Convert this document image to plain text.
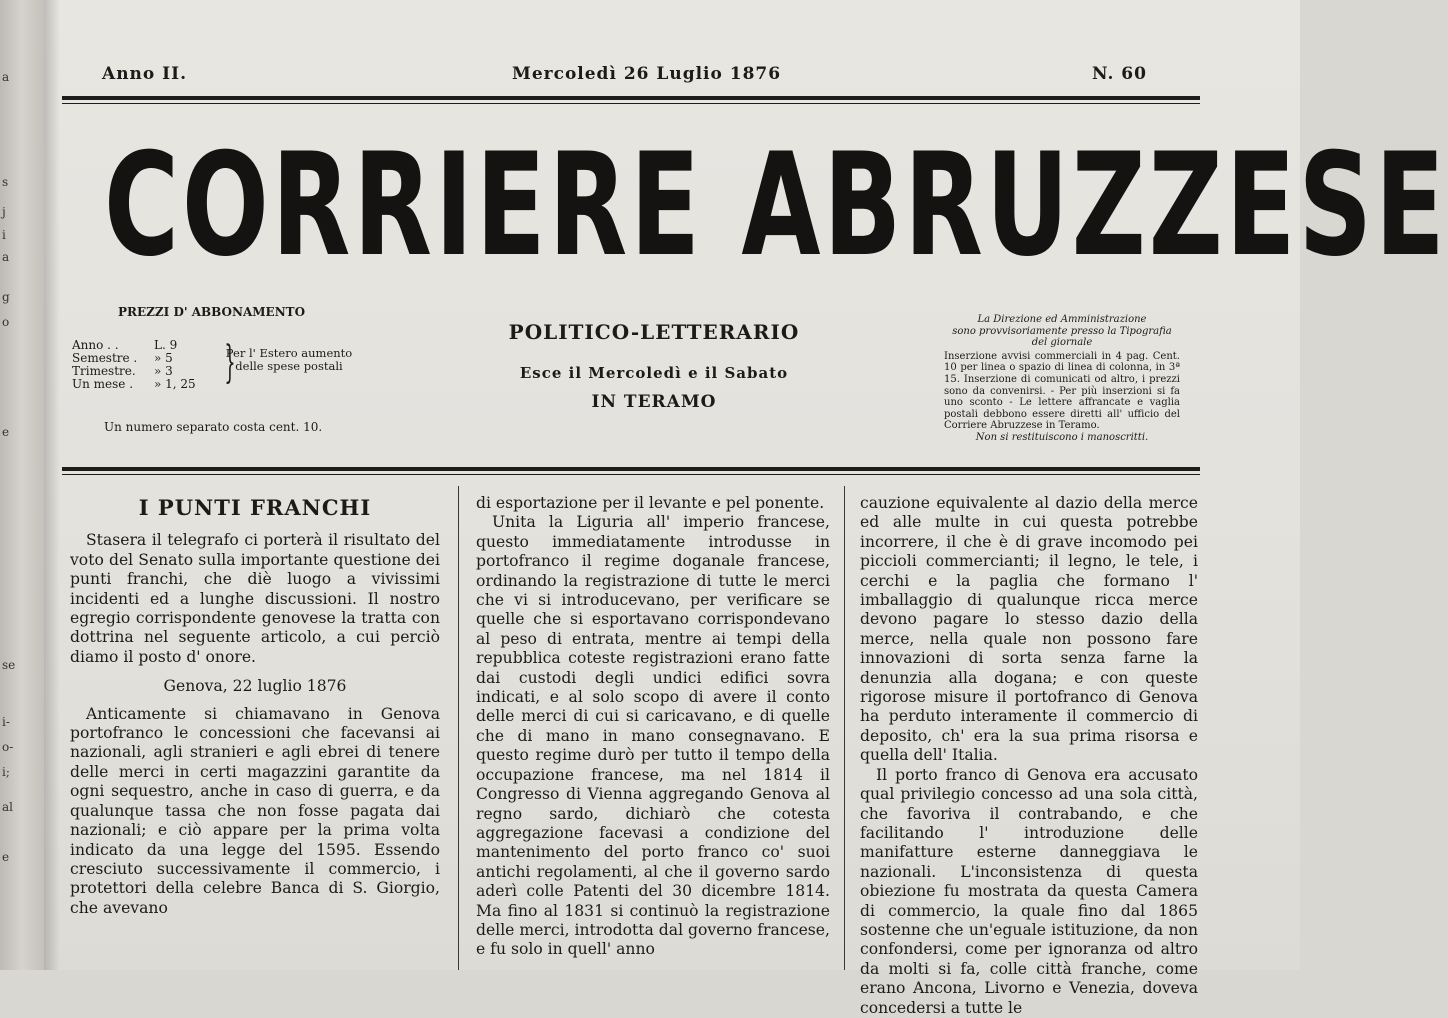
a
s
j
i
a
g
o
e
se
i-
o-
i;
al
e
Anno II.	Mercoledì 26 Luglio 1876	N. 60
CORRIERE ABRUZZESE
PREZZI D' ABBONAMENTO
Anno . .	L. 9
Semestre .	» 5
Trimestre.	» 3
Un mese .	» 1, 25 }
Per l' Estero aumento delle spese postali
Un numero separato costa cent. 10.

POLITICO-LETTERARIO

Esce il Mercoledì e il Sabato

IN TERAMO

La Direzione ed Amministrazione
sono provvisoriamente presso la Tipografia
del giornale
Inserzione avvisi commerciali in 4 pag. Cent. 10 per linea o spazio di linea di colonna, in 3ª 15. Inserzione di comunicati od altro, i prezzi sono da convenirsi. - Per più inserzioni si fa uno sconto - Le lettere affrancate e vaglia postali debbono essere diretti all' ufficio del Corriere Abruzzese in Teramo.
Non si restituiscono i manoscritti.
I PUNTI FRANCHI

Stasera il telegrafo ci porterà il risultato del voto del Senato sulla importante questione dei punti franchi, che diè luogo a vivissimi incidenti ed a lunghe discussioni. Il nostro egregio corrispondente genovese la tratta con dottrina nel seguente articolo, a cui perciò diamo il posto d' onore.

Genova, 22 luglio 1876

Anticamente si chiamavano in Genova portofranco le concessioni che facevansi ai nazionali, agli stranieri e agli ebrei di tenere delle merci in certi magazzini garantite da ogni sequestro, anche in caso di guerra, e da qualunque tassa che non fosse pagata dai nazionali; e ciò appare per la prima volta indicato da una legge del 1595. Essendo cresciuto successivamente il commercio, i protettori della celebre Banca di S. Giorgio, che avevano

di esportazione per il levante e pel ponente.

Unita la Liguria all' imperio francese, questo immediatamente introdusse in portofranco il regime doganale francese, ordinando la registrazione di tutte le merci che vi si introducevano, per verificare se quelle che si esportavano corrispondevano al peso di entrata, mentre ai tempi della repubblica coteste registrazioni erano fatte dai custodi degli undici edifici sovra indicati, e al solo scopo di avere il conto delle merci di cui si caricavano, e di quelle che di mano in mano consegnavano. E questo regime durò per tutto il tempo della occupazione francese, ma nel 1814 il Congresso di Vienna aggregando Genova al regno sardo, dichiarò che cotesta aggregazione facevasi a condizione del mantenimento del porto franco co' suoi antichi regolamenti, al che il governo sardo aderì colle Patenti del 30 dicembre 1814. Ma fino al 1831 si continuò la registrazione delle merci, introdotta dal governo francese, e fu solo in quell' anno

cauzione equivalente al dazio della merce ed alle multe in cui questa potrebbe incorrere, il che è di grave incomodo pei piccioli commercianti; il legno, le tele, i cerchi e la paglia che formano l' imballaggio di qualunque ricca merce devono pagare lo stesso dazio della merce, nella quale non possono fare innovazioni di sorta senza farne la denunzia alla dogana; e con queste rigorose misure il portofranco di Genova ha perduto interamente il commercio di deposito, ch' era la sua prima risorsa e quella dell' Italia.

Il porto franco di Genova era accusato qual privilegio concesso ad una sola città, che favoriva il contrabando, e che facilitando l' introduzione delle manifatture esterne danneggiava le nazionali. L'inconsistenza di questa obiezione fu mostrata da questa Camera di commercio, la quale fino dal 1865 sostenne che un'eguale istituzione, da non confondersi, come per ignoranza od altro da molti si fa, colle città franche, come erano Ancona, Livorno e Venezia, doveva concedersi a tutte le
